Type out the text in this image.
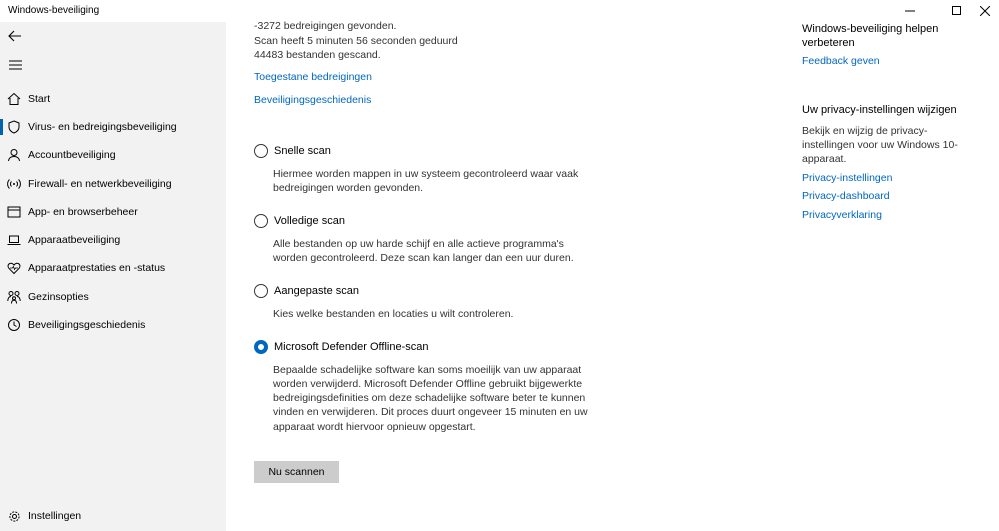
Windows-beveiliging
Start
Virus- en bedreigingsbeveiliging
Accountbeveiliging
Firewall- en netwerkbeveiliging
App- en browserbeheer
Apparaatbeveiliging
Apparaatprestaties en -status
Gezinsopties
Beveiligingsgeschiedenis
Instellingen
-3272 bedreigingen gevonden.
Scan heeft 5 minuten 56 seconden geduurd
44483 bestanden gescand.
Toegestane bedreigingen
Beveiligingsgeschiedenis
Snelle scan
Hiermee worden mappen in uw systeem gecontroleerd waar vaak
bedreigingen worden gevonden.
Volledige scan
Alle bestanden op uw harde schijf en alle actieve programma's
worden gecontroleerd. Deze scan kan langer dan een uur duren.
Aangepaste scan
Kies welke bestanden en locaties u wilt controleren.
Microsoft Defender Offline-scan
Bepaalde schadelijke software kan soms moeilijk van uw apparaat
worden verwijderd. Microsoft Defender Offline gebruikt bijgewerkte
bedreigingsdefinities om deze schadelijke software beter te kunnen
vinden en verwijderen. Dit proces duurt ongeveer 15 minuten en uw
apparaat wordt hiervoor opnieuw opgestart.
Nu scannen
Windows-beveiliging helpen
verbeteren
Feedback geven
Uw privacy-instellingen wijzigen
Bekijk en wijzig de privacy-
instellingen voor uw Windows 10-
apparaat.
Privacy-instellingen
Privacy-dashboard
Privacyverklaring
